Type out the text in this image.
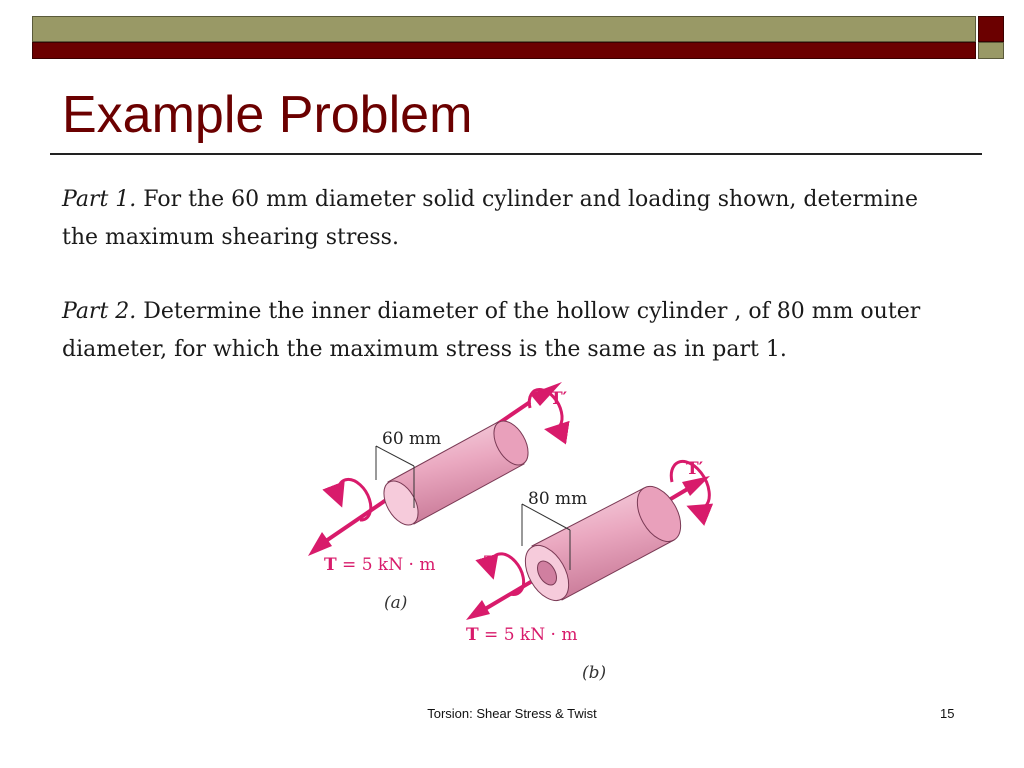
Example Problem

Part 1. For the 60 mm diameter solid cylinder and loading shown, determine the maximum shearing stress.

Part 2. Determine the inner diameter of the hollow cylinder , of 80 mm outer diameter, for which the maximum stress is the same as in part 1.

60 mm
T′
T = 5 kN · m
(a)
80 mm
T′
T
T = 5 kN · m
(b)
Torsion: Shear Stress & Twist	15
